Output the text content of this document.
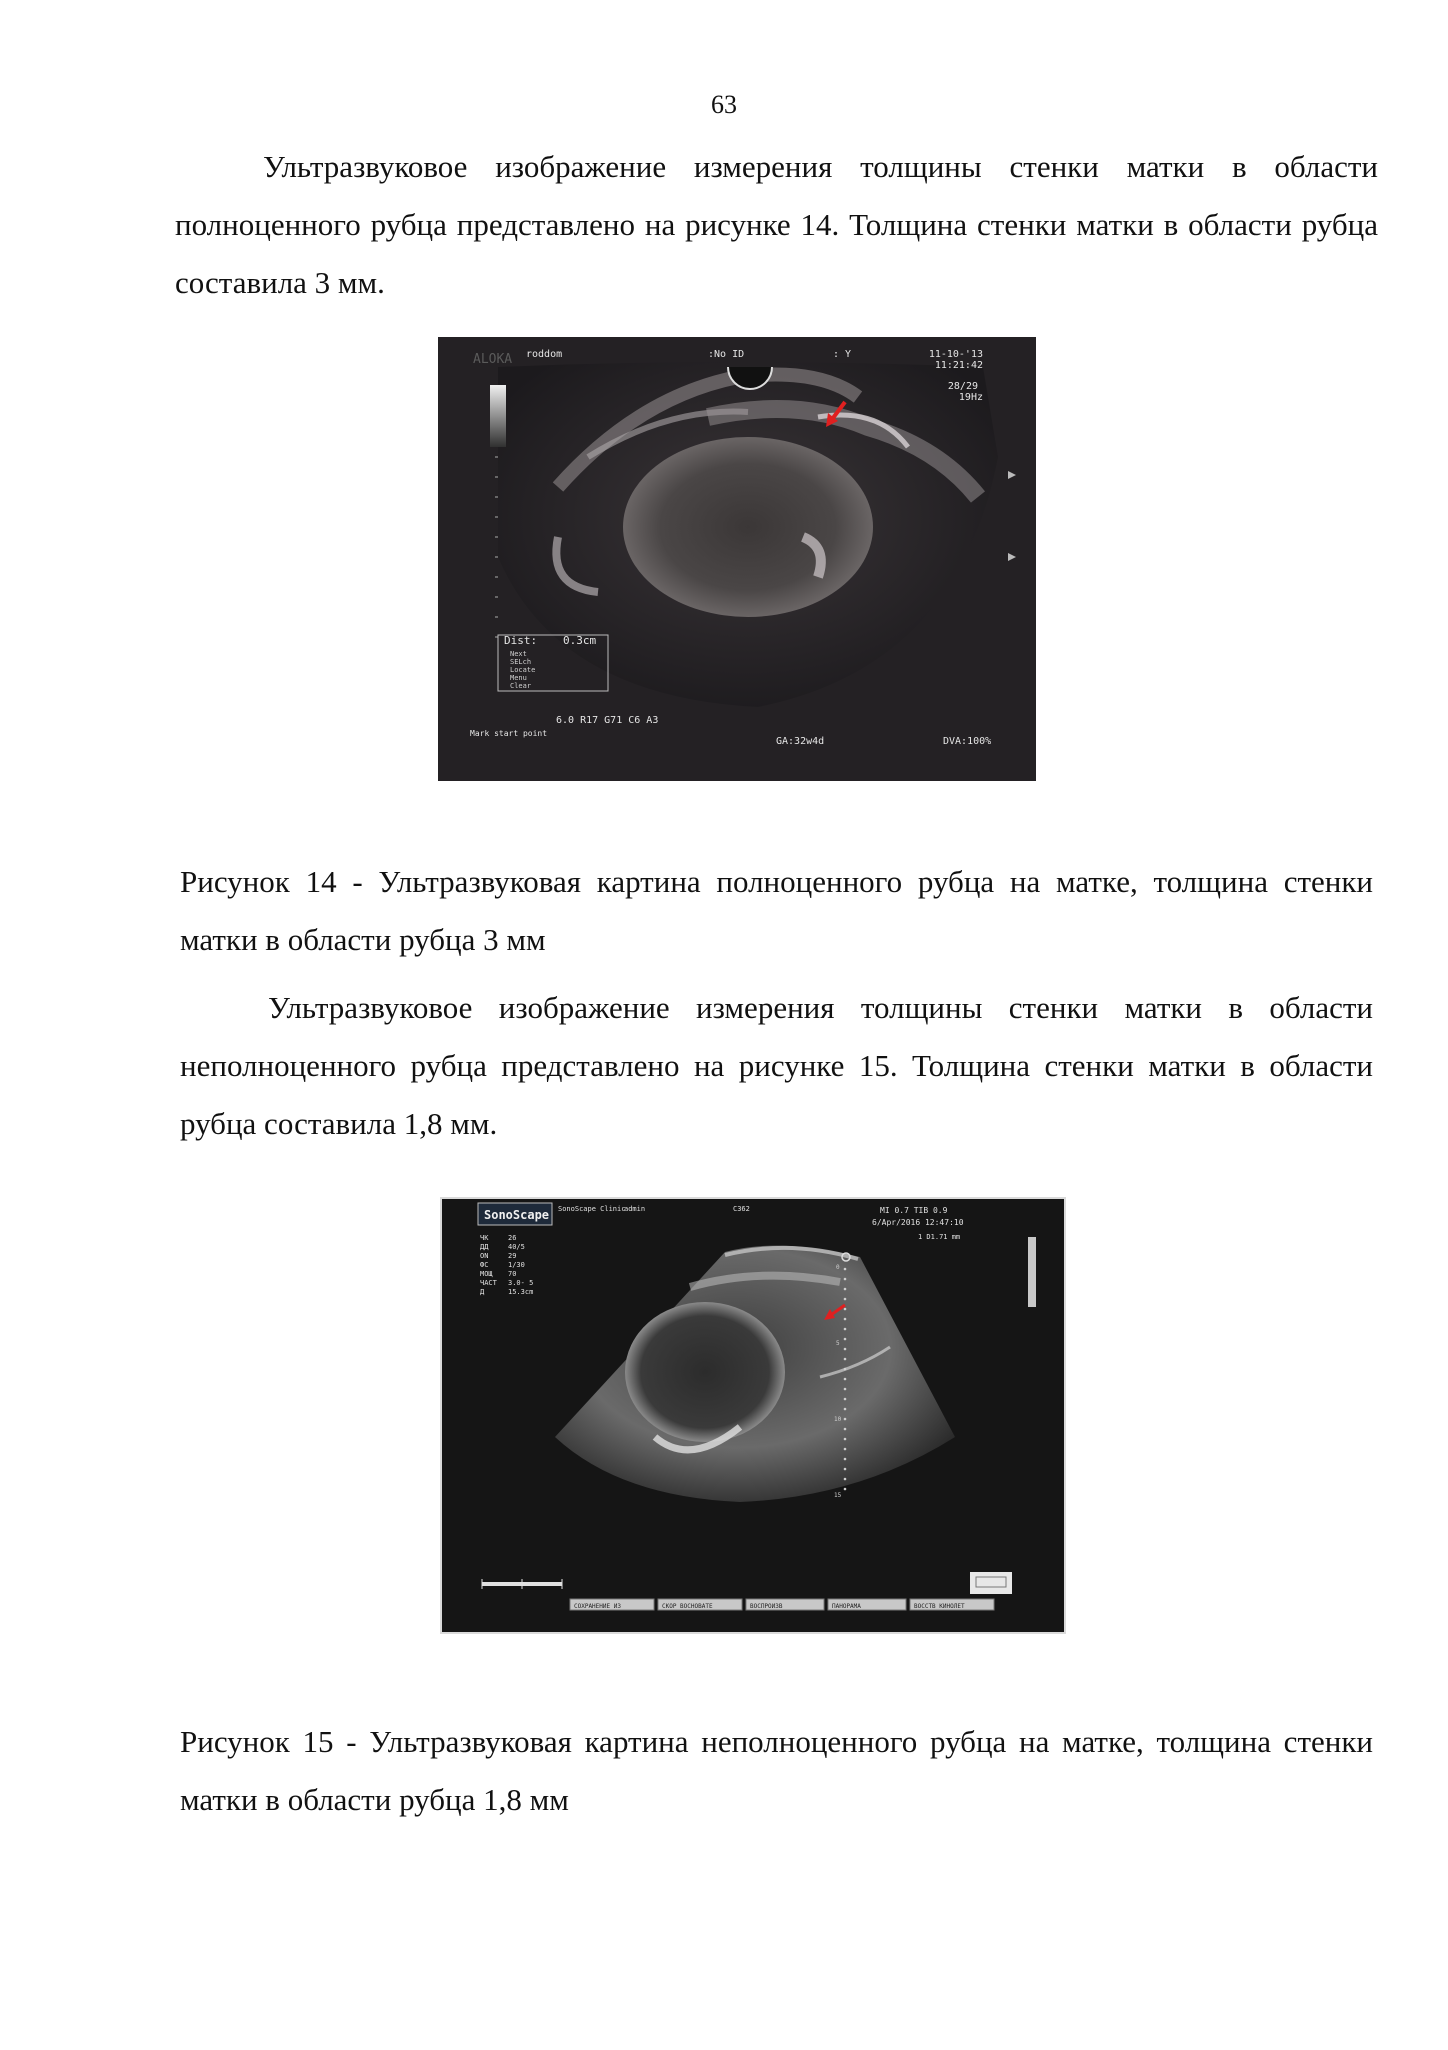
63

Ультразвуковое изображение измерения толщины стенки матки в области полноценного рубца представлено на рисунке 14. Толщина стенки матки в области рубца составила 3 мм.

ALOKA roddom	:No ID	: Y	11-10-'13
11:21:42
28/29
19Hz
Dist: 0.3cm
Next
SELch
Locate
Menu
Clear
6.0 R17 G71 C6 A3
Mark start point
GA:32w4d	DVA:100%

Рисунок 14 - Ультразвуковая картина полноценного рубца на матке, толщина стенки матки в области рубца 3 мм

Ультразвуковое изображение измерения толщины стенки матки в области неполноценного рубца представлено на рисунке 15. Толщина стенки матки в области рубца составила 1,8 мм.

SonoScape
0
5
10
15
SonoScape Clinic
admin	C362	MI 0.7 TIB 0.9
6/Apr/2016 12:47:10
1 D1.71 mm
ЧК	26
ДД	40/5
ON	29
ФС	1/30
МОЩ 70
ЧАСТ 3.0- 5
Д	15.3cm
СОХРАНЕНИЕ ИЗ	СКОР ВОСНОВАТЕ	ВОСПРОИЗВ	ПАНОРАМА	ВОССТВ КИНОЛЕТ

Рисунок 15 - Ультразвуковая картина неполноценного рубца на матке, толщина стенки матки в области рубца 1,8 мм
